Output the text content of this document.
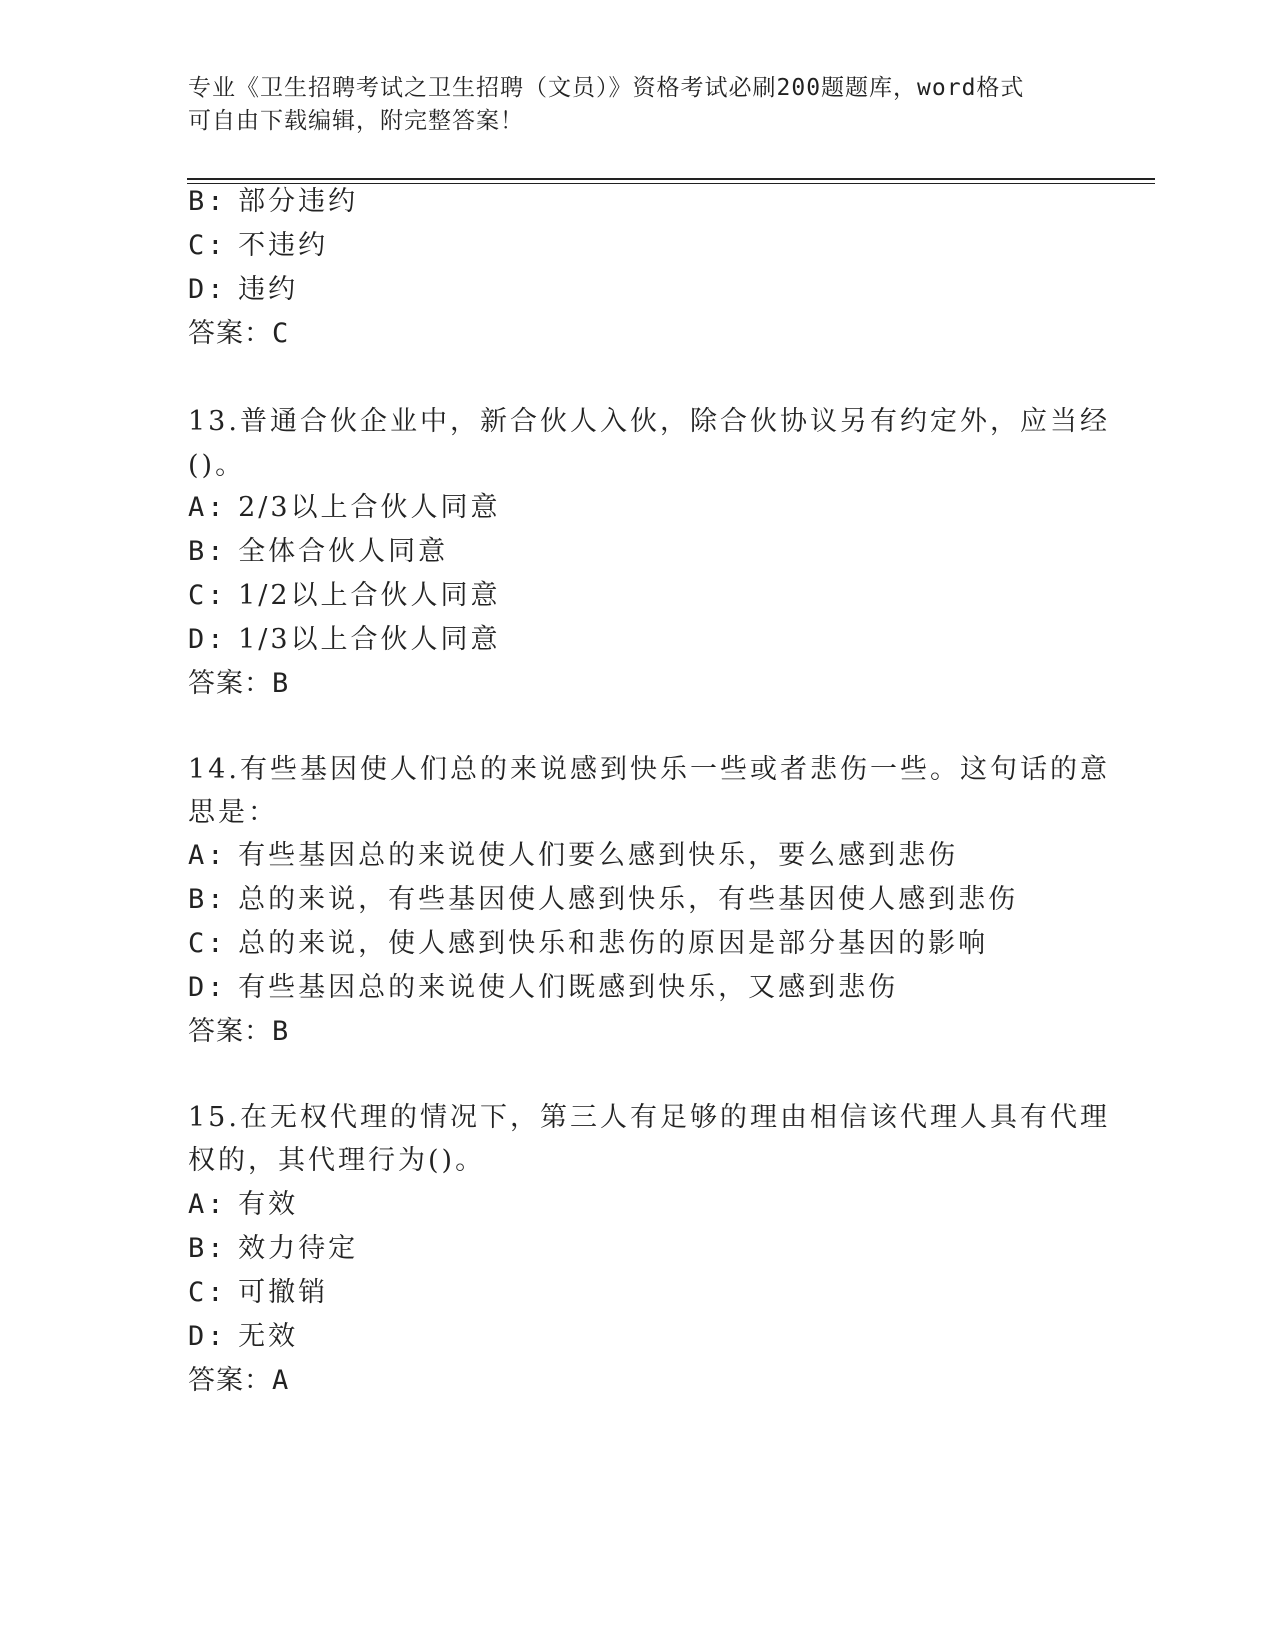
专业《卫生招聘考试之卫生招聘（文员）》资格考试必刷200题题库，word格式
可自由下载编辑，附完整答案！
B: 部分违约
C: 不违约
D: 违约
答案：C
13.普通合伙企业中，新合伙人入伙，除合伙协议另有约定外，应当经
()。
A: 2/3以上合伙人同意
B: 全体合伙人同意
C: 1/2以上合伙人同意
D: 1/3以上合伙人同意
答案：B
14.有些基因使人们总的来说感到快乐一些或者悲伤一些。这句话的意
思是：
A: 有些基因总的来说使人们要么感到快乐，要么感到悲伤
B: 总的来说，有些基因使人感到快乐，有些基因使人感到悲伤
C: 总的来说，使人感到快乐和悲伤的原因是部分基因的影响
D: 有些基因总的来说使人们既感到快乐，又感到悲伤
答案：B
15.在无权代理的情况下，第三人有足够的理由相信该代理人具有代理
权的，其代理行为()。
A: 有效
B: 效力待定
C: 可撤销
D: 无效
答案：A
